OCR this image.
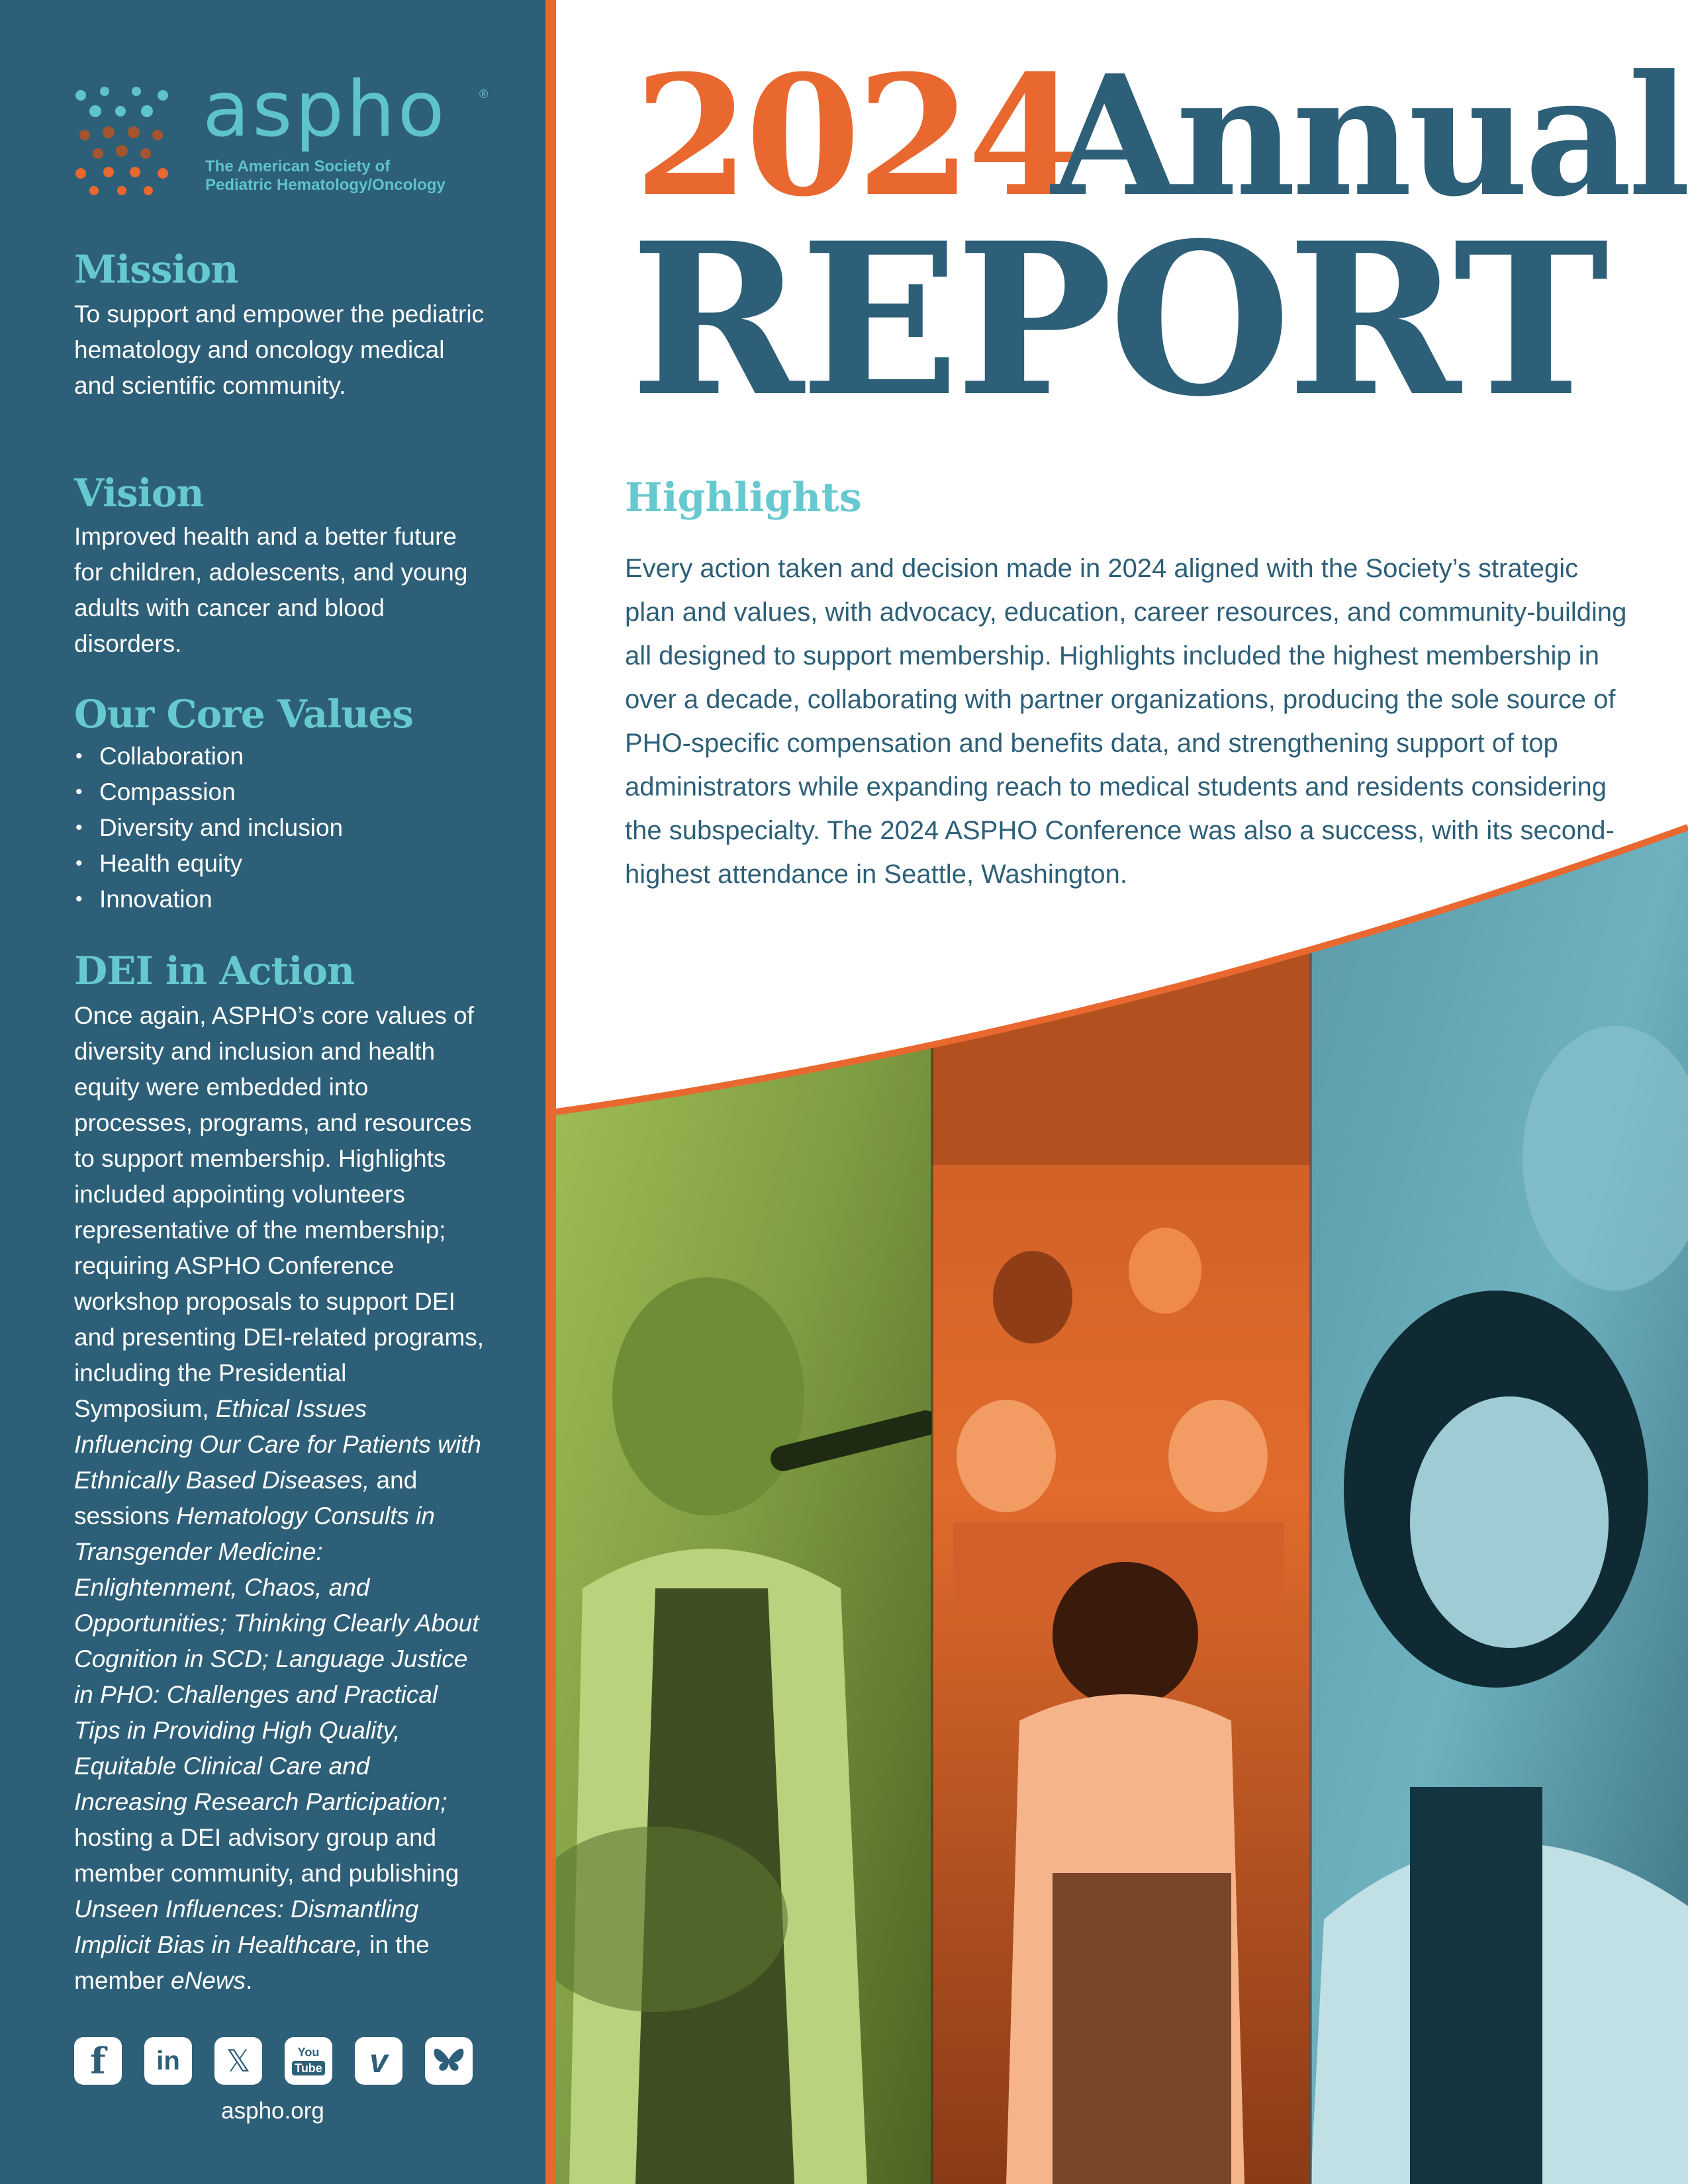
aspho	®
The American Society of
Pediatric Hematology/Oncology
Mission

To support and empower the pediatric hematology and oncology medical and scientific community.

Vision

Improved health and a better future for children, adolescents, and young adults with cancer and blood disorders.

Our Core Values
• Collaboration
• Compassion
• Diversity and inclusion
• Health equity
• Innovation
DEI in Action

Once again, ASPHO’s core values of diversity and inclusion and health equity were embedded into processes, programs, and resources to support membership. Highlights included appointing volunteers representative of the membership; requiring ASPHO Conference workshop proposals to support DEI and presenting DEI-related programs, including the Presidential Symposium, Ethical Issues Influencing Our Care for Patients with Ethnically Based Diseases, and sessions Hematology Consults in Transgender Medicine: Enlightenment, Chaos, and Opportunities; Thinking Clearly About Cognition in SCD; Language Justice in PHO: Challenges and Practical Tips in Providing High Quality, Equitable Clinical Care and Increasing Research Participation; hosting a DEI advisory group and member community, and publishing Unseen Influences: Dismantling Implicit Bias in Healthcare, in the member eNews.

f	in	𝕏	You
Tube	v

aspho.org

2024
Annual
REPORT
Highlights

Every action taken and decision made in 2024 aligned with the Society’s strategic plan and values, with advocacy, education, career resources, and community-building all designed to support membership. Highlights included the highest membership in over a decade, collaborating with partner organizations, producing the sole source of PHO-specific compensation and benefits data, and strengthening support of top administrators while expanding reach to medical students and residents considering the subspecialty. The 2024 ASPHO Conference was also a success, with its second-highest attendance in Seattle, Washington.
